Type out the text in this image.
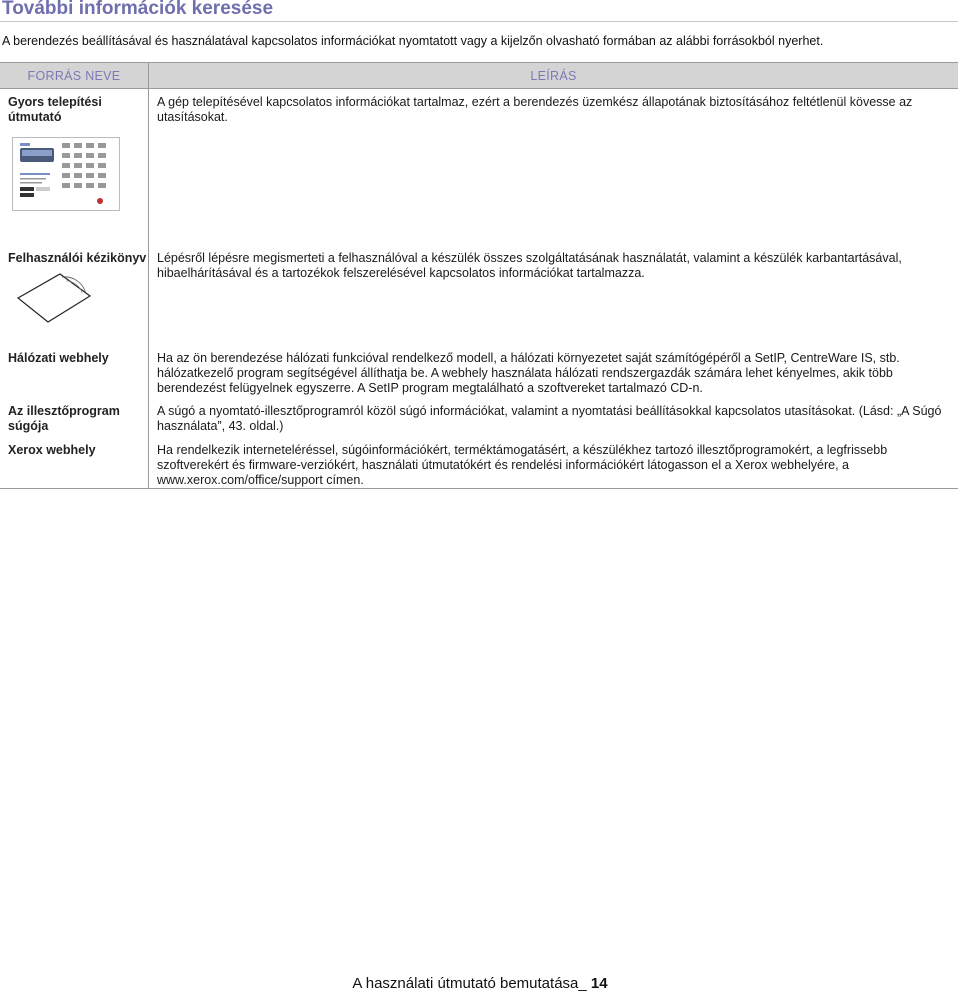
További információk keresése
A berendezés beállításával és használatával kapcsolatos információkat nyomtatott vagy a kijelzőn olvasható formában az alábbi forrásokból nyerhet.
FORRÁS NEVE	LEÍRÁS

Gyors telepítési útmutató	A gép telepítésével kapcsolatos információkat tartalmaz, ezért a berendezés üzemkész állapotának biztosításához feltétlenül kövesse az utasításokat.

Felhasználói kézikönyv	Lépésről lépésre megismerteti a felhasználóval a készülék összes szolgáltatásának használatát, valamint a készülék karbantartásával, hibaelhárításával és a tartozékok felszerelésével kapcsolatos információkat tartalmazza.
Hálózati webhely	Ha az ön berendezése hálózati funkcióval rendelkező modell, a hálózati környezetet saját számítógépéről a SetIP, CentreWare IS, stb. hálózatkezelő program segítségével állíthatja be. A webhely használata hálózati rendszergazdák számára lehet kényelmes, akik több berendezést felügyelnek egyszerre. A SetIP program megtalálható a szoftvereket tartalmazó CD-n.
Az illesztőprogram súgója	A súgó a nyomtató-illesztőprogramról közöl súgó információkat, valamint a nyomtatási beállításokkal kapcsolatos utasításokat. (Lásd: „A Súgó használata”, 43. oldal.)
Xerox webhely	Ha rendelkezik interneteléréssel, súgóinformációkért, terméktámogatásért, a készülékhez tartozó illesztőprogramokért, a legfrissebb szoftverekért és firmware-verziókért, használati útmutatókért és rendelési információkért látogasson el a Xerox webhelyére, a www.xerox.com/office/support címen.
A használati útmutató bemutatása_ 14
